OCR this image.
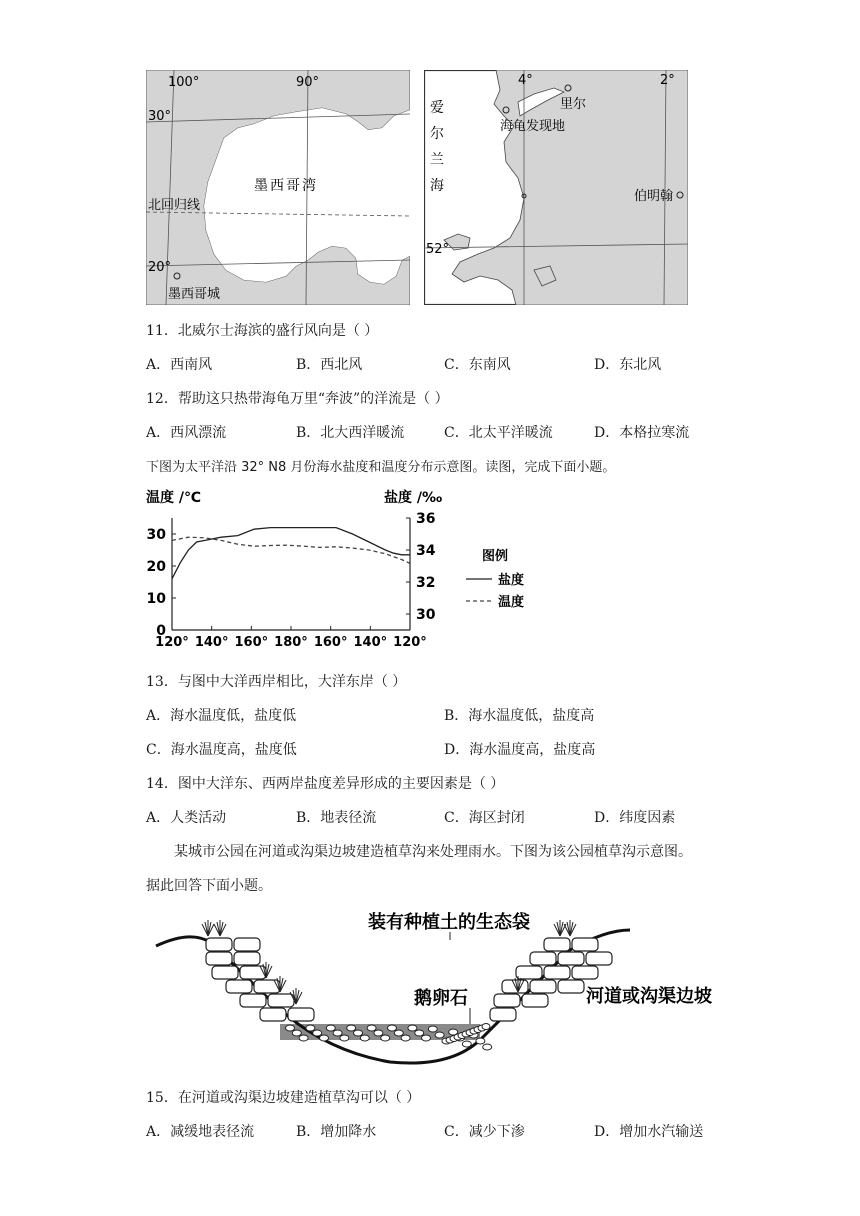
100°	90°
30°
20°
北回归线
墨西哥湾
墨西哥城
4°	2°
52°
爱
尔
兰
海
里尔
海龟发现地
伯明翰
11．北威尔士海滨的盛行风向是（ ）
A．西南风	B．西北风	C．东南风	D．东北风
12．帮助这只热带海龟万里“奔波”的洋流是（ ）
A．西风漂流	B．北大西洋暖流	C．北太平洋暖流	D．本格拉寒流
下图为太平洋沿 32° N8 月份海水盐度和温度分布示意图。读图，完成下面小题。
温度 /℃	盐度 /‰
0
10
20
30
30
32
34
36
120° 140° 160° 180° 160° 140° 120°
图例
盐度
温度
13．与图中大洋西岸相比，大洋东岸（ ）
A．海水温度低，盐度低	B．海水温度低，盐度高
C．海水温度高，盐度低	D．海水温度高，盐度高
14．图中大洋东、西两岸盐度差异形成的主要因素是（ ）
A．人类活动	B．地表径流	C．海区封闭	D．纬度因素
某城市公园在河道或沟渠边坡建造植草沟来处理雨水。下图为该公园植草沟示意图。
据此回答下面小题。
装有种植土的生态袋
鹅卵石	河道或沟渠边坡
15．在河道或沟渠边坡建造植草沟可以（ ）
A．减缓地表径流	B．增加降水	C．减少下渗	D．增加水汽输送
